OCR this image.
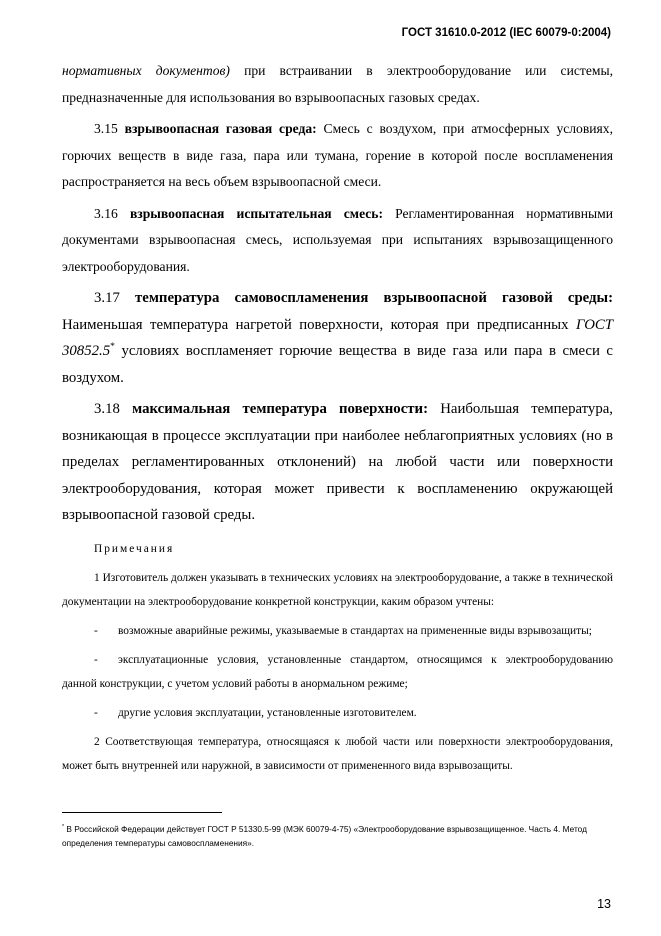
ГОСТ 31610.0-2012 (IEC 60079-0:2004)

нормативных документов) при встраивании в электрооборудование или системы, предназначенные для использования во взрывоопасных газовых средах.

3.15 взрывоопасная газовая среда: Смесь с воздухом, при атмосферных условиях, горючих веществ в виде газа, пара или тумана, горение в которой после воспламенения распространяется на весь объем взрывоопасной смеси.

3.16 взрывоопасная испытательная смесь: Регламентированная нормативными документами взрывоопасная смесь, используемая при испытаниях взрывозащищенного электрооборудования.

3.17 температура самовоспламенения взрывоопасной газовой среды: Наименьшая температура нагретой поверхности, которая при предписанных ГОСТ 30852.5* условиях воспламеняет горючие вещества в виде газа или пара в смеси с воздухом.

3.18 максимальная температура поверхности: Наибольшая температура, возникающая в процессе эксплуатации при наиболее неблагоприятных условиях (но в пределах регламентированных отклонений) на любой части или поверхности электрооборудования, которая может привести к воспламенению окружающей взрывоопасной газовой среды.

Примечания

1 Изготовитель должен указывать в технических условиях на электрооборудование, а также в технической документации на электрооборудование конкретной конструкции, каким образом учтены:

- возможные аварийные режимы, указываемые в стандартах на примененные виды взрывозащиты;

- эксплуатационные условия, установленные стандартом, относящимся к электрооборудованию данной конструкции, с учетом условий работы в анормальном режиме;

- другие условия эксплуатации, установленные изготовителем.

2 Соответствующая температура, относящаяся к любой части или поверхности электрооборудования, может быть внутренней или наружной, в зависимости от примененного вида взрывозащиты.

* В Российской Федерации действует ГОСТ Р 51330.5-99 (МЭК 60079-4-75) «Электрооборудование взрывозащищенное. Часть 4. Метод определения температуры самовоспламенения».
13
